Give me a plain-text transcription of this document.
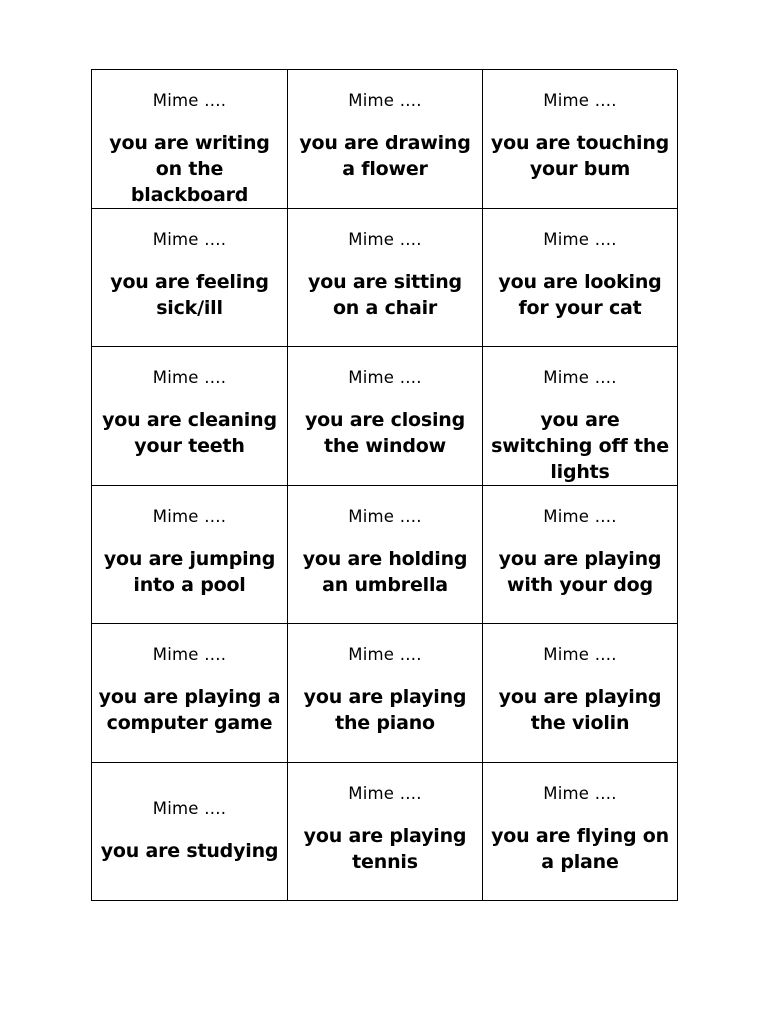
Mime ….
you are writing on the blackboard
Mime ….
you are drawing a flower
Mime ….
you are touching your bum
Mime ….
you are feeling sick/ill
Mime ….
you are sitting on a chair
Mime ….
you are looking for your cat
Mime ….
you are cleaning your teeth
Mime ….
you are closing the window
Mime ….
you are switching off the lights
Mime ….
you are jumping into a pool
Mime ….
you are holding an umbrella
Mime ….
you are playing with your dog
Mime ….
you are playing a computer game
Mime ….
you are playing the piano
Mime ….
you are playing the violin
Mime ….
you are studying
Mime ….
you are playing tennis
Mime ….
you are flying on a plane
